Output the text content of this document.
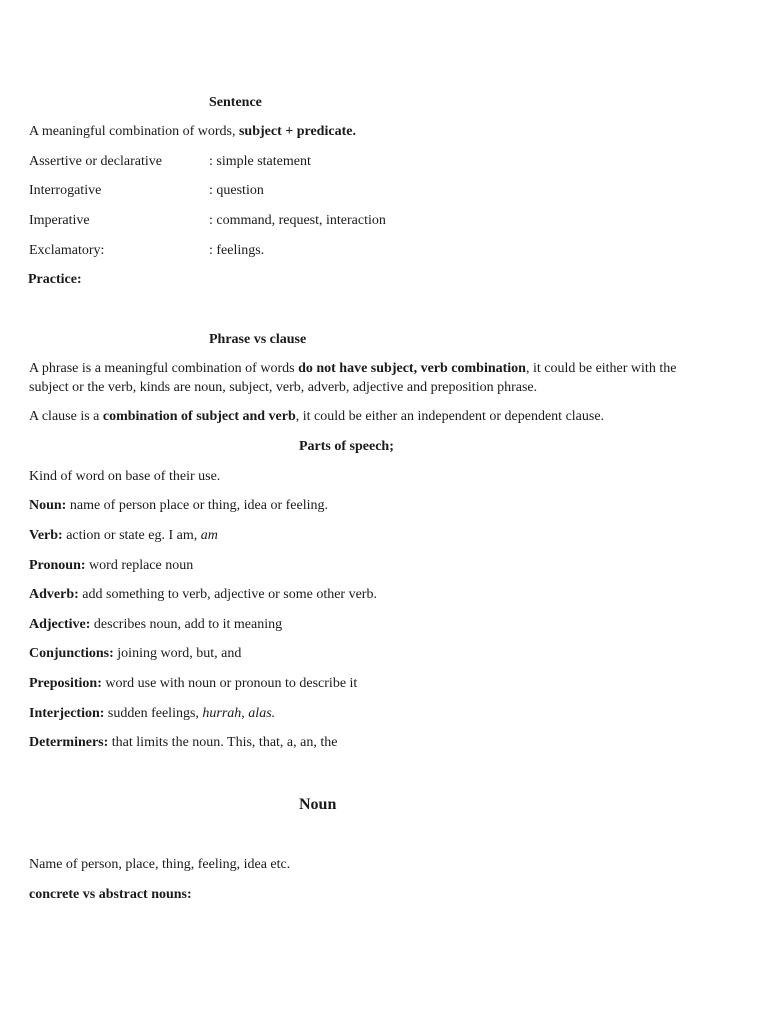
Sentence
A meaningful combination of words, subject + predicate.
Assertive or declarative	: simple statement
Interrogative	: question
Imperative	: command, request, interaction
Exclamatory:	: feelings.
Practice:
Phrase vs clause
A phrase is a meaningful combination of words do not have subject, verb combination, it could be either with the
subject or the verb, kinds are noun, subject, verb, adverb, adjective and preposition phrase.
A clause is a combination of subject and verb, it could be either an independent or dependent clause.
Parts of speech;
Kind of word on base of their use.
Noun: name of person place or thing, idea or feeling.
Verb: action or state eg. I am, am
Pronoun: word replace noun
Adverb: add something to verb, adjective or some other verb.
Adjective: describes noun, add to it meaning
Conjunctions: joining word, but, and
Preposition: word use with noun or pronoun to describe it
Interjection: sudden feelings, hurrah, alas.
Determiners: that limits the noun. This, that, a, an, the
Noun
Name of person, place, thing, feeling, idea etc.
concrete vs abstract nouns:
